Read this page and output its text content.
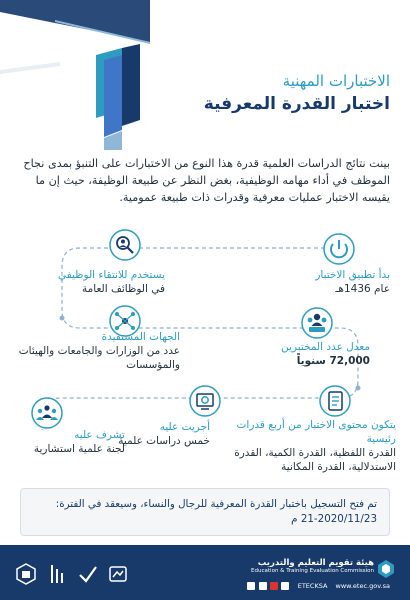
الاختبارات المهنية
اختبار القدرة المعرفية

بينت نتائج الدراسات العلمية قدرة هذا النوع من الاختبارات على التنبؤ بمدى نجاح الموظف في أداء مهامه الوظيفية، بغض النظر عن طبيعة الوظيفة، حيث إن ما يقيسه الاختبار عمليات معرفية وقدرات ذات طبيعة عمومية.

بدأ تطبيق الاختبار
عام 1436هـ
يستخدم للانتقاء الوظيفي
في الوظائف العامة
معدل عدد المختبرين
72,000 سنوياً
الجهات المستفيدة
عدد من الوزارات والجامعات والهيئات والمؤسسات
يتكون محتوى الاختبار من أربع قدرات رئيسية
القدرة اللفظية، القدرة الكمية، القدرة الاستدلالية، القدرة المكانية
أجريت عليه
خمس دراسات علمية
تشرف عليه
لجنة علمية استشارية
تم فتح التسجيل باختبار القدرة المعرفية للرجال والنساء، وسيعقد في الفترة:
21-2020/11/23 م
هيئة تقويم التعليم والتدريب
Education & Training Evaluation Commission
ETECKSA www.etec.gov.sa
